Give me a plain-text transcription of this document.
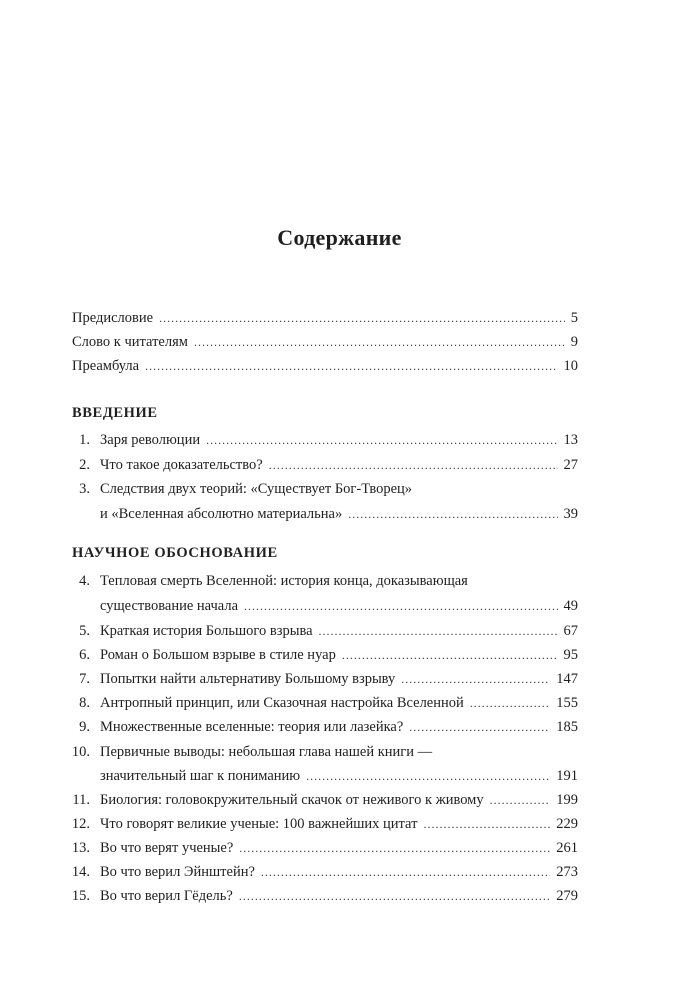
Содержание
Предисловие .....	5
Слово к читателям .....	9
Преамбула .....	10
ВВЕДЕНИЕ
1. Заря революции .....	13
2. Что такое доказательство? .....	27
3. Следствия двух теорий: «Существует Бог-Творец»
и «Вселенная абсолютно материальна» .....	39
НАУЧНОЕ ОБОСНОВАНИЕ
4. Тепловая смерть Вселенной: история конца, доказывающая
существование начала .....	49
5. Краткая история Большого взрыва .....	67
6. Роман о Большом взрыве в стиле нуар .....	95
7. Попытки найти альтернативу Большому взрыву .....	147
8. Антропный принцип, или Сказочная настройка Вселенной .....	155
9. Множественные вселенные: теория или лазейка? .....	185
10. Первичные выводы: небольшая глава нашей книги —
значительный шаг к пониманию .....	191
11. Биология: головокружительный скачок от неживого к живому .....	199
12. Что говорят великие ученые: 100 важнейших цитат .....	229
13. Во что верят ученые? .....	261
14. Во что верил Эйнштейн? .....	273
15. Во что верил Гёдель? .....	279
